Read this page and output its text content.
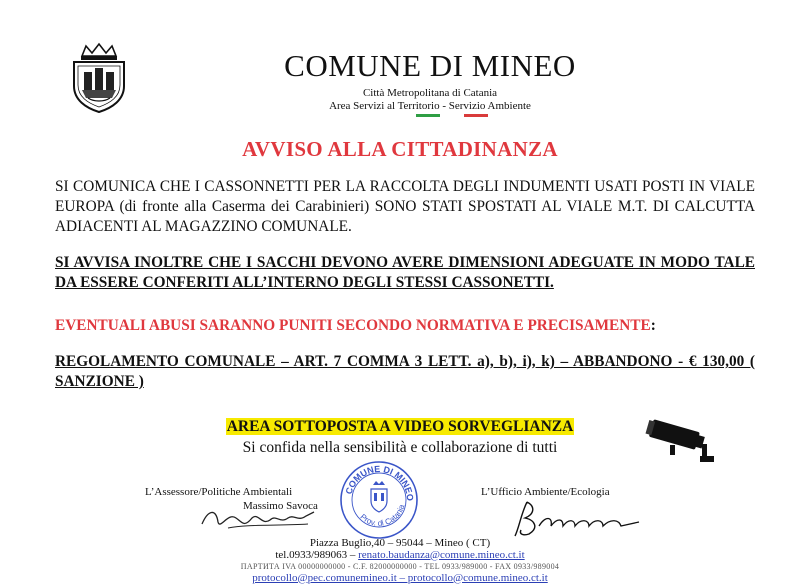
COMUNE DI MINEO
Città Metropolitana di Catania
Area Servizi al Territorio - Servizio Ambiente
AVVISO ALLA CITTADINANZA
SI COMUNICA CHE I CASSONNETTI PER LA RACCOLTA DEGLI INDUMENTI USATI POSTI IN VIALE EUROPA (di fronte alla Caserma dei Carabinieri) SONO STATI SPOSTATI AL VIALE M.T. DI CALCUTTA ADIACENTI AL MAGAZZINO COMUNALE.
SI AVVISA INOLTRE CHE I SACCHI DEVONO AVERE DIMENSIONI ADEGUATE IN MODO TALE DA ESSERE CONFERITI ALL’INTERNO DEGLI STESSI CASSONETTI.
EVENTUALI ABUSI SARANNO PUNITI SECONDO NORMATIVA E PRECISAMENTE:
REGOLAMENTO COMUNALE – ART. 7 COMMA 3 LETT. a), b), i), k) – ABBANDONO - € 130,00 ( SANZIONE )
AREA SOTTOPOSTA A VIDEO SORVEGLIANZA
Si confida nella sensibilità e collaborazione di tutti
L’Assessore/Politiche Ambientali
Massimo Savoca
COMUNE DI MINEO
Prov. di Catania
L’Ufficio Ambiente/Ecologia
Piazza Buglio,40 – 95044 – Mineo ( CT)
tel.0933/989063 – renato.baudanza@comune.mineo.ct.it
ПАРТИТА IVA 00000000000 - C.F. 82000000000 - TEL 0933/989000 - FAX 0933/989004
protocollo@pec.comunemineo.it – protocollo@comune.mineo.ct.it
